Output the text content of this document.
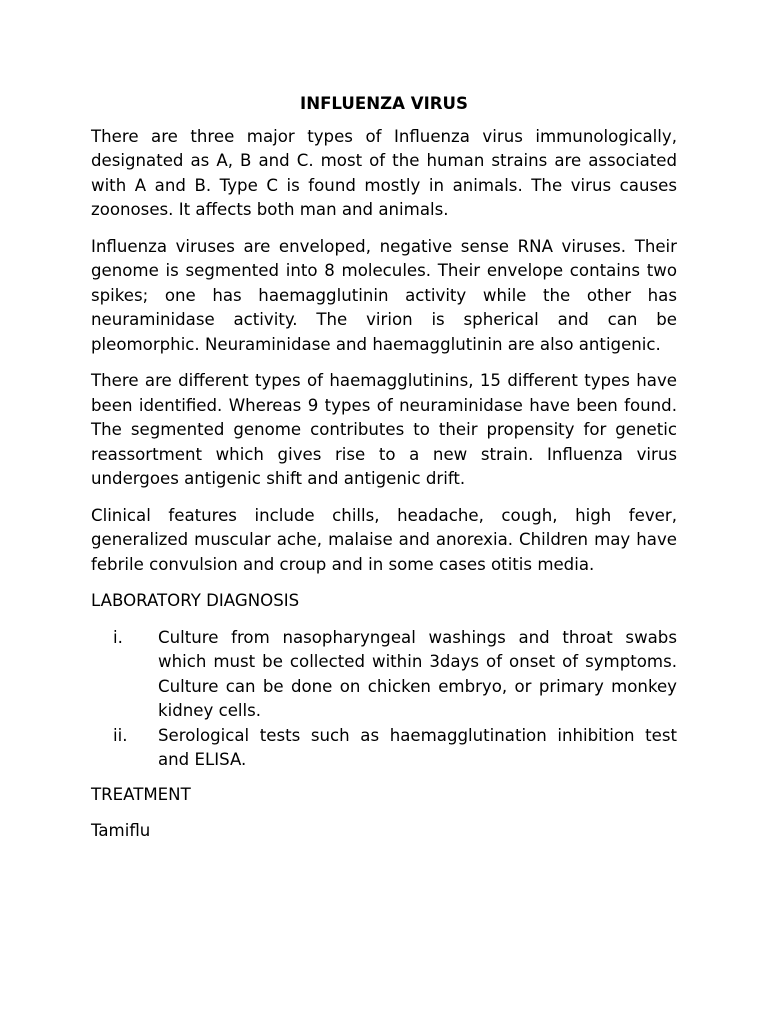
INFLUENZA VIRUS

There are three major types of Influenza virus immunologically, designated as A, B and C. most of the human strains are associated with A and B. Type C is found mostly in animals. The virus causes zoonoses. It affects both man and animals.

Influenza viruses are enveloped, negative sense RNA viruses. Their genome is segmented into 8 molecules. Their envelope contains two spikes; one has haemagglutinin activity while the other has neuraminidase activity. The virion is spherical and can be pleomorphic. Neuraminidase and haemagglutinin are also antigenic.

There are different types of haemagglutinins, 15 different types have been identified. Whereas 9 types of neuraminidase have been found. The segmented genome contributes to their propensity for genetic reassortment which gives rise to a new strain. Influenza virus undergoes antigenic shift and antigenic drift.

Clinical features include chills, headache, cough, high fever, generalized muscular ache, malaise and anorexia. Children may have febrile convulsion and croup and in some cases otitis media.

LABORATORY DIAGNOSIS
i.	Culture from nasopharyngeal washings and throat swabs which must be collected within 3days of onset of symptoms. Culture can be done on chicken embryo, or primary monkey kidney cells.
ii.	Serological tests such as haemagglutination inhibition test and ELISA.
TREATMENT
Tamiflu
